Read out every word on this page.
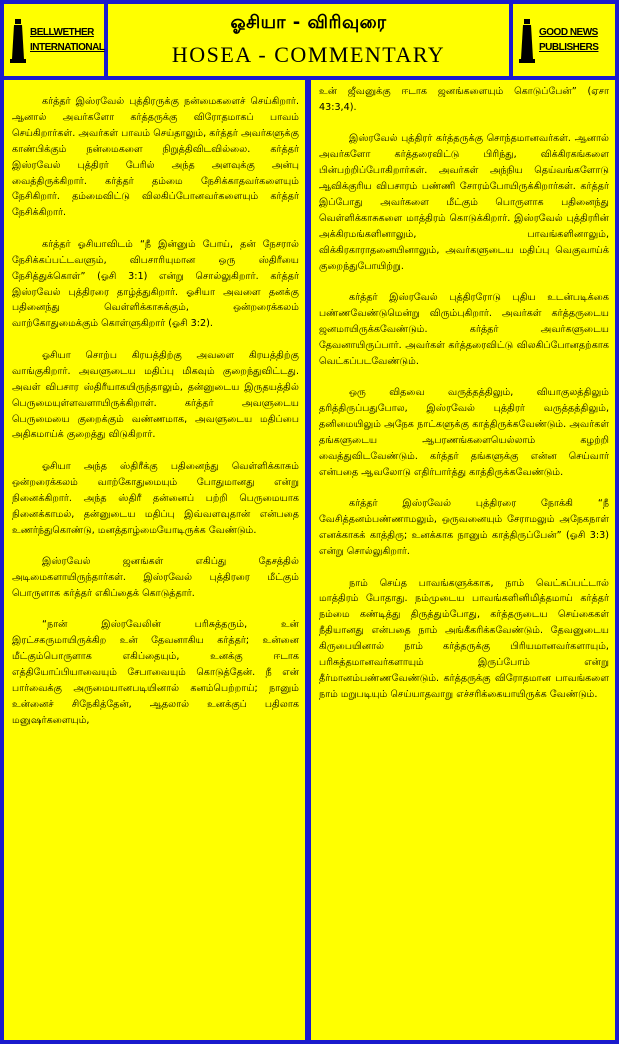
BELLWETHER
INTERNATIONAL
ஓசியா - விரிவுரை
HOSEA - COMMENTARY
GOOD NEWS
PUBLISHERS

கர்த்தர் இஸ்ரவேல் புத்திரருக்கு நன்மைகளைச் செய்கிறார். ஆனால் அவர்களோ கர்த்தருக்கு விரோதமாகப் பாவம் செய்கிறார்கள். அவர்கள் பாவம் செய்தாலும், கர்த்தர் அவர்களுக்கு காண்பிக்கும் நன்மைகளை நிறுத்திவிடவில்லை. கர்த்தர் இஸ்ரவேல் புத்திரர் பேரில் அந்த அளவுக்கு அன்பு வைத்திருக்கிறார். கர்த்தர் தம்மை நேசிக்காதவர்களையும் நேசிகிறார். தம்மைவிட்டு விலகிப்போனவர்களையும் கர்த்தர் நேசிக்கிறார்.

கர்த்தர் ஓசியாவிடம் “நீ இன்னும் போய், தன் நேசரால் நேசிக்கப்பட்டவளும், விபசாரியுமான ஒரு ஸ்திரீயை நேசித்துக்கொள்” (ஓசி 3:1) என்று சொல்லுகிறார். கர்த்தர் இஸ்ரவேல் புத்திரரை தாழ்த்துகிறார். ஓசியா அவளை தனக்கு பதினைந்து வெள்ளிக்காசுக்கும், ஒன்றரைக்கலம் வாற்கோதுமைக்கும் கொள்ளுகிறார் (ஓசி 3:2).

ஓசியா சொற்ப கிரயத்திற்கு அவளை கிரயத்திற்கு வாங்குகிறார். அவளுடைய மதிப்பு மிகவும் குறைந்துவிட்டது. அவள் விபசார ஸ்திரீயாகயிருந்தாலும், தன்னுடைய இருதயத்தில் பெருமையுள்ளவளாயிருக்கிறாள். கர்த்தர் அவளுடைய பெருமையை குறைக்கும் வண்ணமாக, அவளுடைய மதிப்பை அதிகமாய்க் குறைத்து விடுகிறார்.

ஓசியா அந்த ஸ்திரீக்கு பதினைந்து வெள்ளிக்காசும் ஒன்றரைக்கலம் வாற்கோதுமையும் போதுமானது என்று நினைக்கிறார். அந்த ஸ்திரீ தன்னைப் பற்றி பெருமையாக நினைக்காமல், தன்னுடைய மதிப்பு இவ்வளவுதான் என்பதை உணர்ந்துகொண்டு, மனத்தாழ்மையோடிருக்க வேண்டும்.

இஸ்ரவேல் ஜனங்கள் எகிப்து தேசத்தில் அடிமைகளாயிருந்தார்கள். இஸ்ரவேல் புத்திரரை மீட்கும் பொருளாக கர்த்தர் எகிப்தைக் கொடுத்தார்.

“நான் இஸ்ரவேலின் பரிசுத்தரும், உன் இரட்சகருமாயிருக்கிற உன் தேவனாகிய கர்த்தர்; உன்னை மீட்கும்பொருளாக எகிப்தையும், உனக்கு ஈடாக எத்தியோப்பியாவையும் சேபாவையும் கொடுத்தேன். நீ என் பார்வைக்கு அருமையானபடியினால் கனம்பெற்றாய்; நானும் உன்னைச் சிநேகித்தேன், ஆதலால் உனக்குப் பதிலாக மனுஷர்களையும்,

உன் ஜீவனுக்கு ஈடாக ஜனங்களையும் கொடுப்பேன்” (ஏசா 43:3,4).

இஸ்ரவேல் புத்திரர் கர்த்தருக்கு சொந்தமானவர்கள். ஆனால் அவர்களோ கர்த்தரைவிட்டு பிரிந்து, விக்கிரகங்களை பின்பற்றிப்போகிறார்கள். அவர்கள் அந்நிய தெய்வங்களோடு ஆவிக்குரிய விபசாரம் பண்ணி சோரம்போயிருக்கிறார்கள். கர்த்தர் இப்போது அவர்களை மீட்கும் பொருளாக பதினைந்து வெள்ளிக்காசுகளை மாத்திரம் கொடுக்கிறார். இஸ்ரவேல் புத்திரரின் அக்கிரமங்களினாலும், பாவங்களினாலும், விக்கிரகாராதனையினாலும், அவர்களுடைய மதிப்பு வெகுவாய்க் குறைந்துபோயிற்று.

கர்த்தர் இஸ்ரவேல் புத்திரரோடு புதிய உடன்படிக்கை பண்ணவேண்டுமென்று விரும்புகிறார். அவர்கள் கர்த்தருடைய ஜனமாயிருக்கவேண்டும். கர்த்தர் அவர்களுடைய தேவனாயிருப்பார். அவர்கள் கர்த்தரைவிட்டு விலகிப்போனதற்காக வெட்கப்படவேண்டும்.

ஒரு விதவை வருத்தத்திலும், வியாகுலத்திலும் தரித்திருப்பதுபோல, இஸ்ரவேல் புத்திரர் வருத்தத்திலும், தனிமையிலும் அநேக நாட்களுக்கு காத்திருக்கவேண்டும். அவர்கள் தங்களுடைய ஆபரணங்களையெல்லாம் கழற்றி வைத்துவிடவேண்டும். கர்த்தர் தங்களுக்கு என்ன செய்வார் என்பதை ஆவலோடு எதிர்பார்த்து காத்திருக்கவேண்டும்.

கர்த்தர் இஸ்ரவேல் புத்திரரை நோக்கி “நீ வேசித்தனம்பண்ணாமலும், ஒருவனையும் சேராமலும் அநேகநாள் எனக்காகக் காத்திரு; உனக்காக நானும் காத்திருப்பேன்” (ஓசி 3:3) என்று சொல்லுகிறார்.

நாம் செய்த பாவங்களுக்காக, நாம் வெட்கப்பட்டால் மாத்திரம் போதாது. நம்முடைய பாவங்களினிமித்தமாய் கர்த்தர் நம்மை கண்டித்து திருத்தும்போது, கர்த்தருடைய செய்கைகள் நீதியானது என்பதை நாம் அங்கீகரிக்கவேண்டும். தேவனுடைய கிருபையினால் நாம் கர்த்தருக்கு பிரியமானவர்களாயும், பரிசுத்தமானவர்களாயும் இருப்போம் என்று தீர்மானம்பண்ணவேண்டும். கர்த்தருக்கு விரோதமான பாவங்களை நாம் மறுபடியும் செய்யாதவாறு எச்சரிக்கையாயிருக்க வேண்டும்.
